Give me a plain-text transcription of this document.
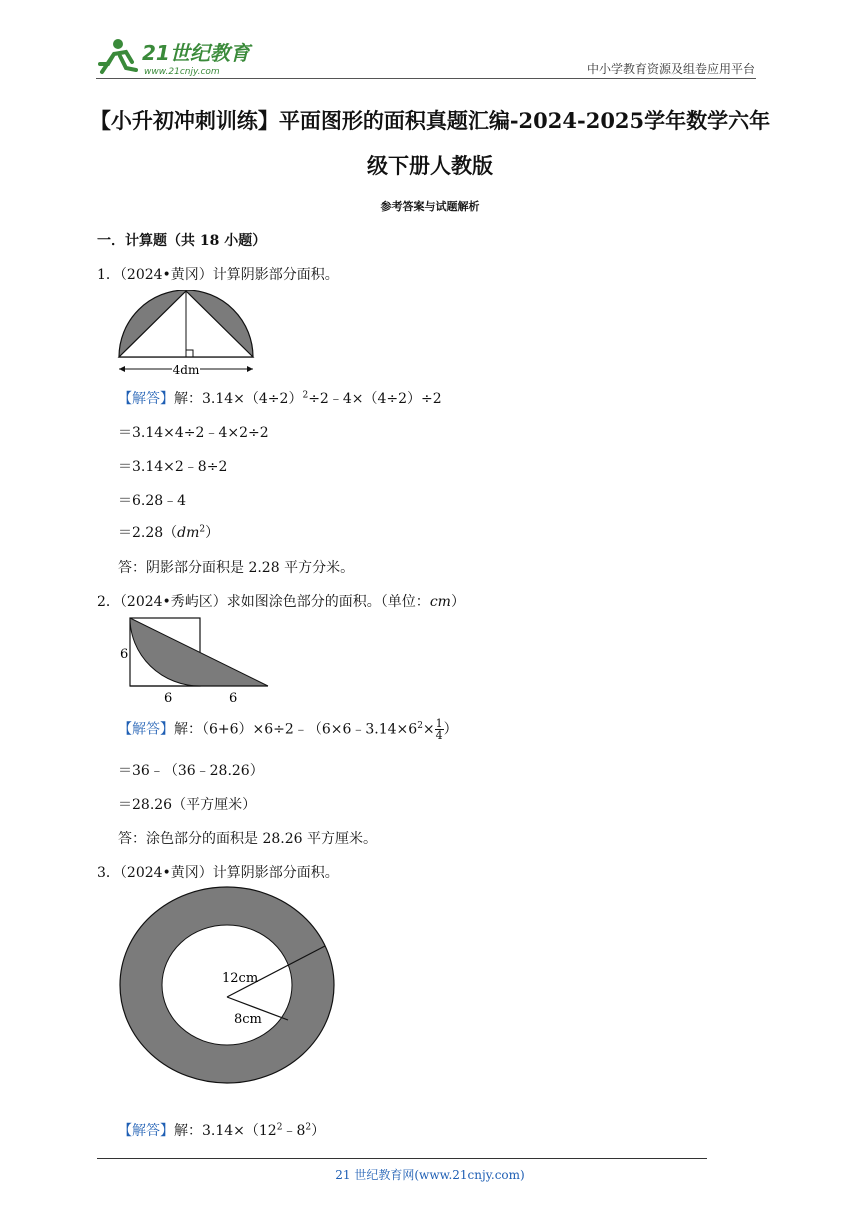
21世纪教育
www.21cnjy.com	中小学教育资源及组卷应用平台
【小升初冲刺训练】平面图形的面积真题汇编-2024-2025学年数学六年
级下册人教版
参考答案与试题解析
一．计算题（共 18 小题）
1．（2024•黄冈）计算阴影部分面积。
4dm
【解答】解：$3.14\times(4\div 2)^2\div 2﹣4\times(4\div 2)\div 2$
＝3.14×4÷2﹣4×2÷2
＝3.14×2﹣8÷2
＝6.28﹣4
$=2.28(dm^2)$
答：阴影部分面积是 2.28 平方分米。
2．（2024•秀屿区）求如图涂色部分的面积。（单位：cm）
6
6	6
【解答】解：$(6+6)\times 6\div 2﹣(6\times 6﹣3.14\times 6^2\times \frac{1}{4}$ ）
＝36﹣（36﹣28.26）
＝28.26（平方厘米）
答：涂色部分的面积是 28.26 平方厘米。
3．（2024•黄冈）计算阴影部分面积。
12cm
8cm
【解答】解：$3.14\times(12^2﹣8^2)$
21 世纪教育网(www.21cnjy.com)
